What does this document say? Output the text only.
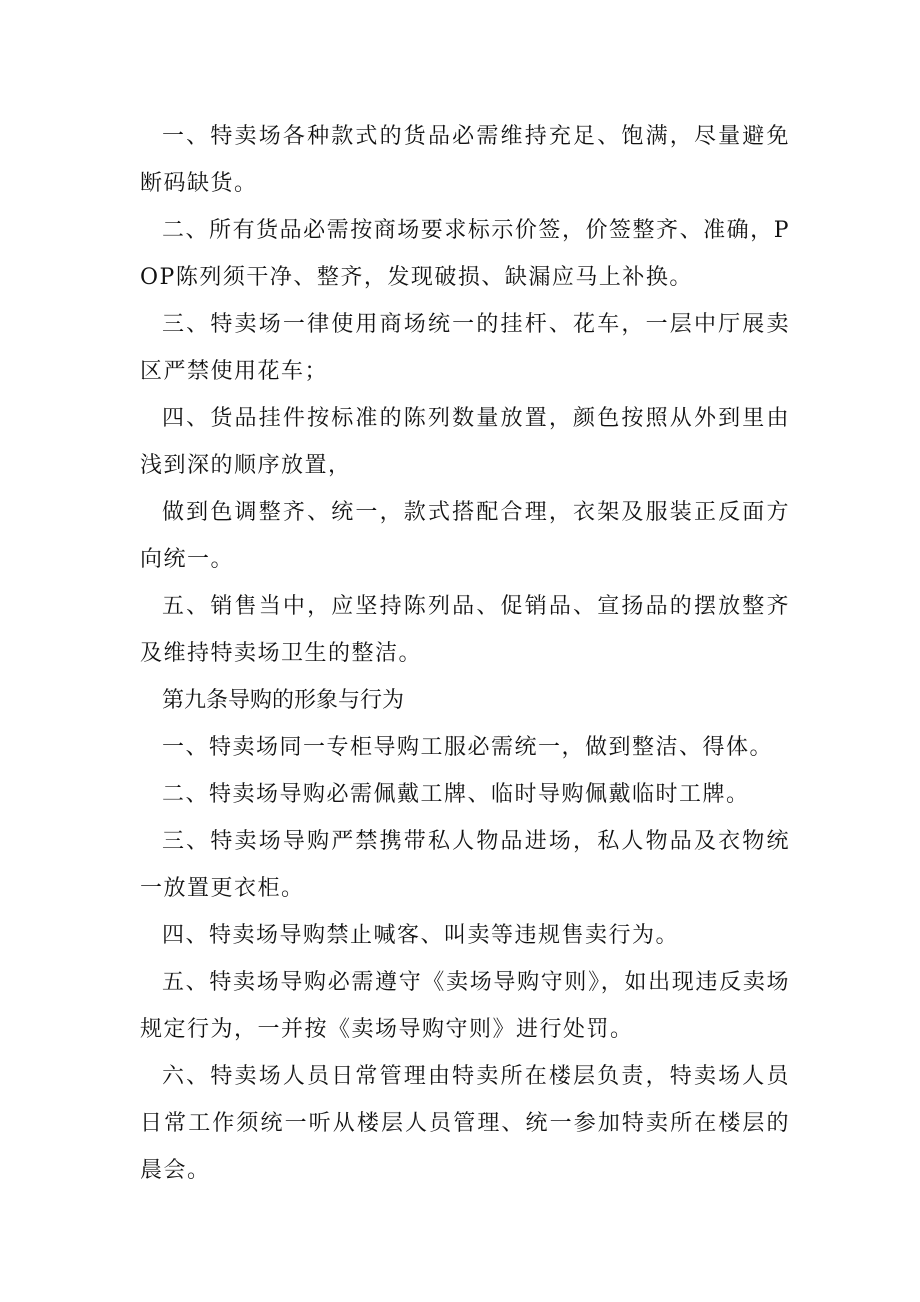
一、特卖场各种款式的货品必需维持充足、饱满，尽量避免断码缺货。

二、所有货品必需按商场要求标示价签，价签整齐、准确，POP陈列须干净、整齐，发现破损、缺漏应马上补换。

三、特卖场一律使用商场统一的挂杆、花车，一层中厅展卖区严禁使用花车；

四、货品挂件按标准的陈列数量放置，颜色按照从外到里由浅到深的顺序放置，

做到色调整齐、统一，款式搭配合理，衣架及服装正反面方向统一。

五、销售当中，应坚持陈列品、促销品、宣扬品的摆放整齐及维持特卖场卫生的整洁。

第九条导购的形象与行为

一、特卖场同一专柜导购工服必需统一，做到整洁、得体。

二、特卖场导购必需佩戴工牌、临时导购佩戴临时工牌。

三、特卖场导购严禁携带私人物品进场，私人物品及衣物统一放置更衣柜。

四、特卖场导购禁止喊客、叫卖等违规售卖行为。

五、特卖场导购必需遵守《卖场导购守则》，如出现违反卖场规定行为，一并按《卖场导购守则》进行处罚。

六、特卖场人员日常管理由特卖所在楼层负责，特卖场人员日常工作须统一听从楼层人员管理、统一参加特卖所在楼层的晨会。
